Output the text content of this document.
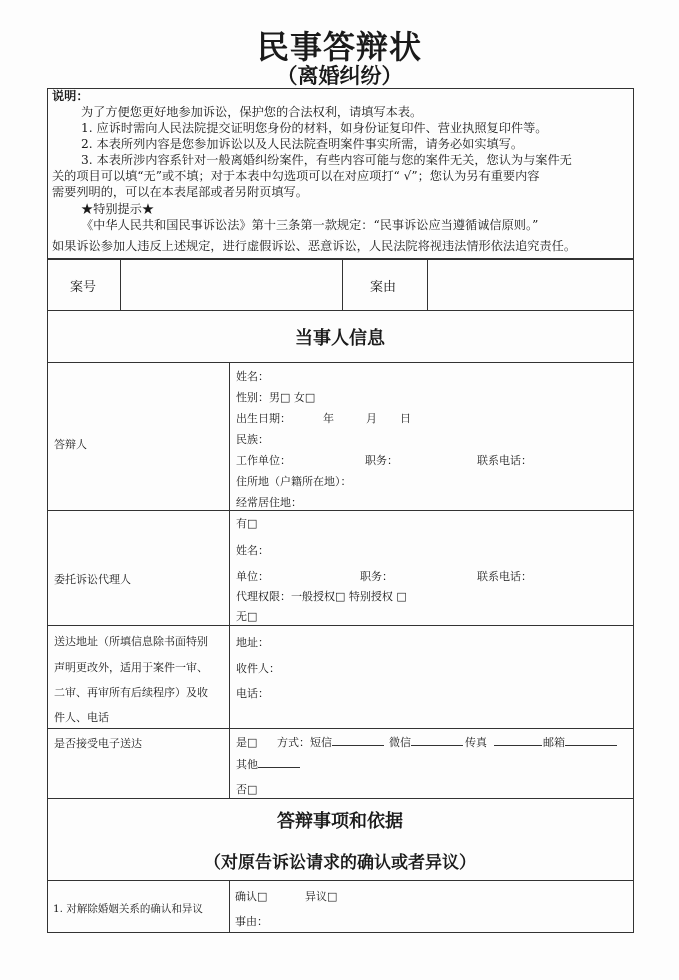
民事答辩状
（离婚纠纷）
说明：
为了方便您更好地参加诉讼，保护您的合法权利，请填写本表。
1. 应诉时需向人民法院提交证明您身份的材料，如身份证复印件、营业执照复印件等。
2. 本表所列内容是您参加诉讼以及人民法院查明案件事实所需，请务必如实填写。
3. 本表所涉内容系针对一般离婚纠纷案件，有些内容可能与您的案件无关，您认为与案件无
关的项目可以填“无”或不填；对于本表中勾选项可以在对应项打“ √”；您认为另有重要内容
需要列明的，可以在本表尾部或者另附页填写。
★特别提示★
《中华人民共和国民事诉讼法》第十三条第一款规定：“民事诉讼应当遵循诚信原则。”
如果诉讼参加人违反上述规定，进行虚假诉讼、恶意诉讼，人民法院将视违法情形依法追究责任。
案号	案由
当事人信息
答辩人
姓名：
性别：男□ 女□
出生日期：	年	月 日
民族：
工作单位：	职务：	联系电话：
住所地（户籍所在地）：
经常居住地：
委托诉讼代理人
有□
姓名：
单位：	职务：	联系电话：
代理权限：一般授权□ 特别授权 □
无□
送达地址（所填信息除书面特别
声明更改外，适用于案件一审、
二审、再审所有后续程序）及收
件人、电话
地址：
收件人：
电话：
是否接受电子送达	是□ 方式：短信	微信	传真	邮箱
其他
否□
答辩事项和依据
（对原告诉讼请求的确认或者异议）
1. 对解除婚姻关系的确认和异议
确认□	异议□
事由：
